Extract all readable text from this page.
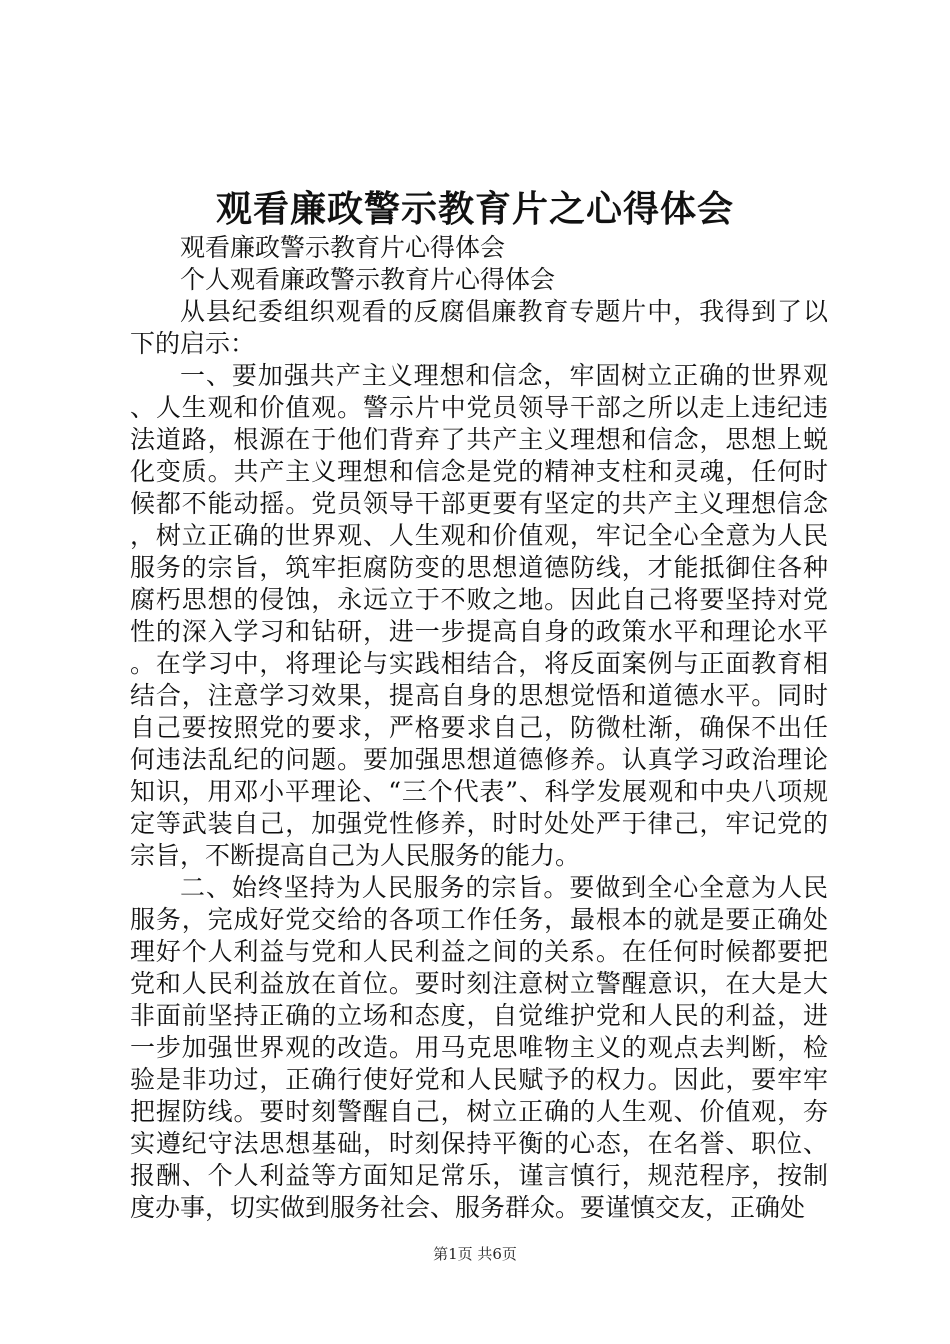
观看廉政警示教育片之心得体会

观看廉政警示教育片心得体会

个人观看廉政警示教育片心得体会

从县纪委组织观看的反腐倡廉教育专题片中，我得到了以下的启示：

一、要加强共产主义理想和信念，牢固树立正确的世界观、人生观和价值观。警示片中党员领导干部之所以走上违纪违法道路，根源在于他们背弃了共产主义理想和信念，思想上蜕化变质。共产主义理想和信念是党的精神支柱和灵魂，任何时候都不能动摇。党员领导干部更要有坚定的共产主义理想信念，树立正确的世界观、人生观和价值观，牢记全心全意为人民服务的宗旨，筑牢拒腐防变的思想道德防线，才能抵御住各种腐朽思想的侵蚀，永远立于不败之地。因此自己将要坚持对党性的深入学习和钻研，进一步提高自身的政策水平和理论水平。在学习中，将理论与实践相结合，将反面案例与正面教育相结合，注意学习效果，提高自身的思想觉悟和道德水平。同时自己要按照党的要求，严格要求自己，防微杜渐，确保不出任何违法乱纪的问题。要加强思想道德修养。认真学习政治理论知识，用邓小平理论、“三个代表”、科学发展观和中央八项规定等武装自己，加强党性修养，时时处处严于律己，牢记党的宗旨，不断提高自己为人民服务的能力。

二、始终坚持为人民服务的宗旨。要做到全心全意为人民服务，完成好党交给的各项工作任务，最根本的就是要正确处理好个人利益与党和人民利益之间的关系。在任何时候都要把党和人民利益放在首位。要时刻注意树立警醒意识，在大是大非面前坚持正确的立场和态度，自觉维护党和人民的利益，进一步加强世界观的改造。用马克思唯物主义的观点去判断，检验是非功过，正确行使好党和人民赋予的权力。因此，要牢牢把握防线。要时刻警醒自己，树立正确的人生观、价值观，夯实遵纪守法思想基础，时刻保持平衡的心态，在名誉、职位、报酬、个人利益等方面知足常乐，谨言慎行，规范程序，按制度办事，切实做到服务社会、服务群众。要谨慎交友，正确处

第1页 共6页
